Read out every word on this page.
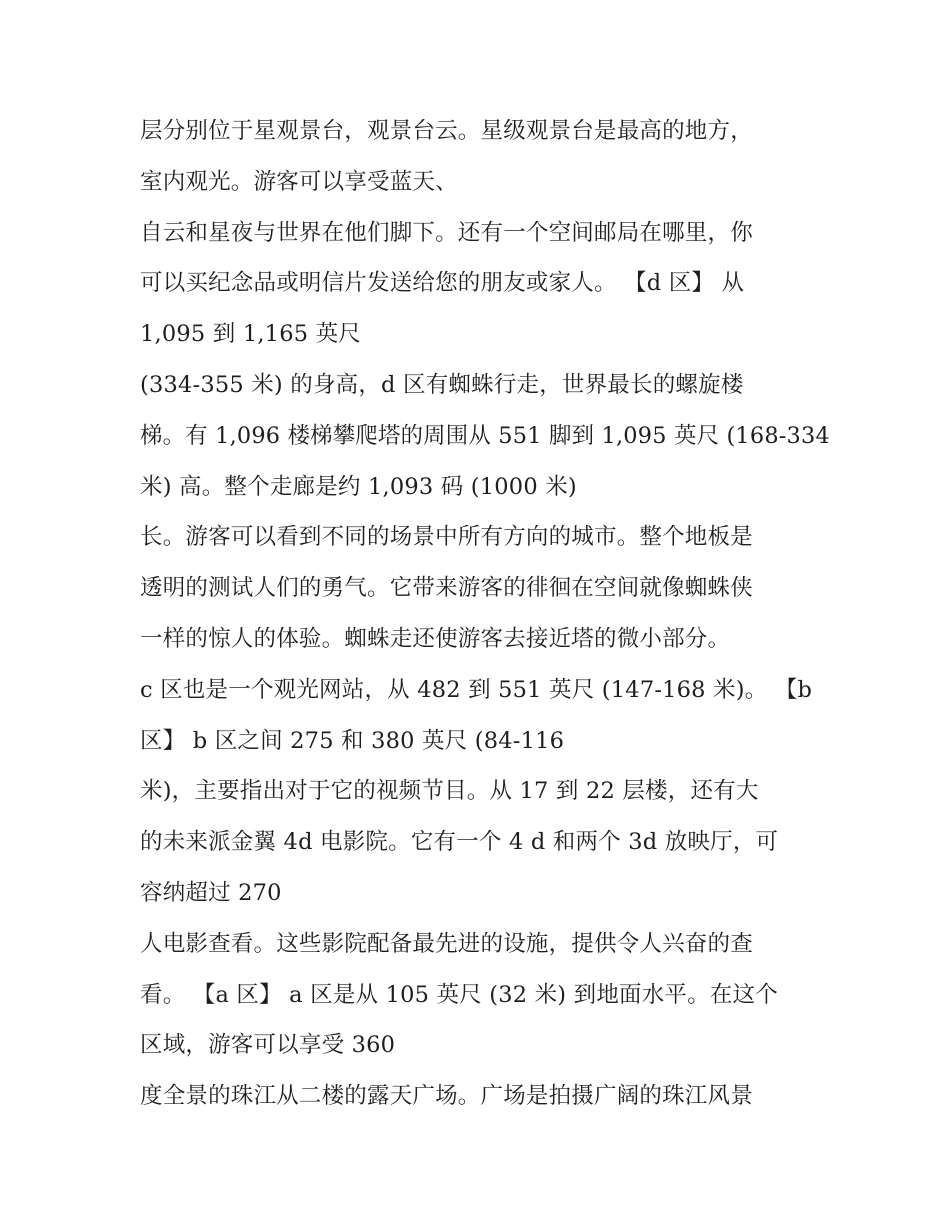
层分别位于星观景台，观景台云。星级观景台是最高的地方，
室内观光。游客可以享受蓝天、
自云和星夜与世界在他们脚下。还有一个空间邮局在哪里，你
可以买纪念品或明信片发送给您的朋友或家人。 【d 区】 从
1,095 到 1,165 英尺
(334-355 米) 的身高，d 区有蜘蛛行走，世界最长的螺旋楼
梯。有 1,096 楼梯攀爬塔的周围从 551 脚到 1,095 英尺 (168-334
米) 高。整个走廊是约 1,093 码 (1000 米)
长。游客可以看到不同的场景中所有方向的城市。整个地板是
透明的测试人们的勇气。它带来游客的徘徊在空间就像蜘蛛侠
一样的惊人的体验。蜘蛛走还使游客去接近塔的微小部分。
c 区也是一个观光网站，从 482 到 551 英尺 (147-168 米)。 【b
区】 b 区之间 275 和 380 英尺 (84-116
米)，主要指出对于它的视频节目。从 17 到 22 层楼，还有大
的未来派金翼 4d 电影院。它有一个 4 d 和两个 3d 放映厅，可
容纳超过 270
人电影查看。这些影院配备最先进的设施，提供令人兴奋的查
看。 【a 区】 a 区是从 105 英尺 (32 米) 到地面水平。在这个
区域，游客可以享受 360
度全景的珠江从二楼的露天广场。广场是拍摄广阔的珠江风景
